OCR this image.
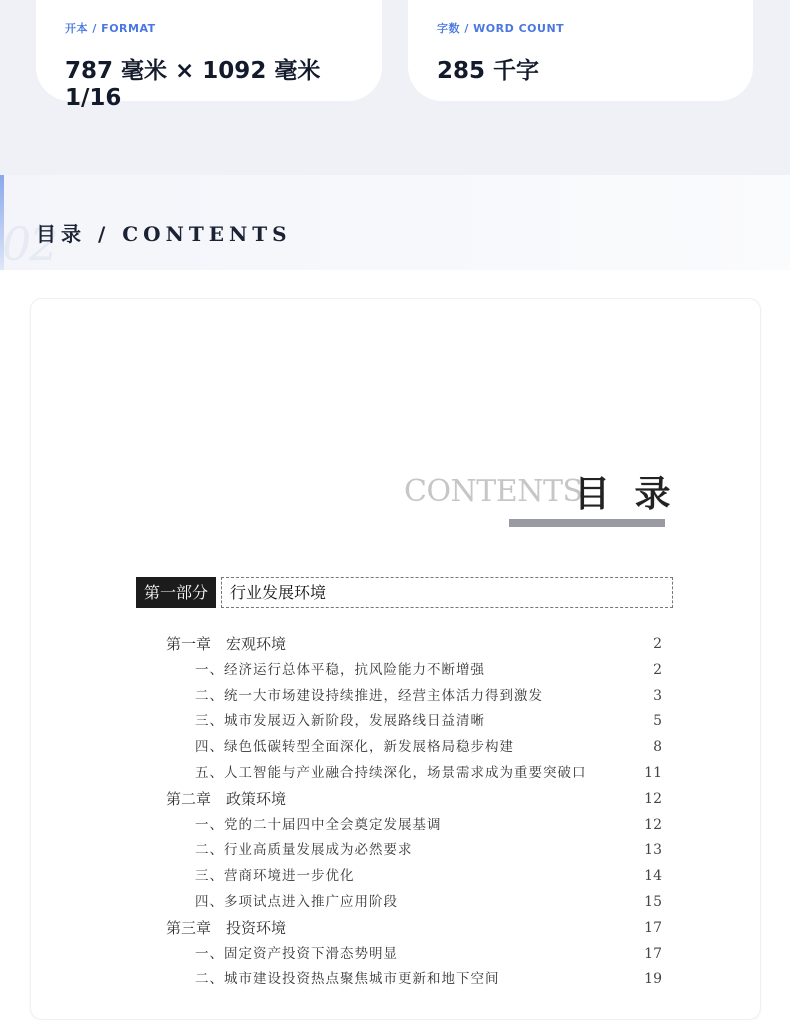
开本 / FORMAT
787 毫米 × 1092 毫米 1/16
字数 / WORD COUNT
285 千字
02
目录 / CONTENTS
CONTENTS
目 录
第一部分	行业发展环境
第一章　宏观环境	2
一、经济运行总体平稳，抗风险能力不断增强	2
二、统一大市场建设持续推进，经营主体活力得到激发	3
三、城市发展迈入新阶段，发展路线日益清晰	5
四、绿色低碳转型全面深化，新发展格局稳步构建	8
五、人工智能与产业融合持续深化，场景需求成为重要突破口	11
第二章　政策环境	12
一、党的二十届四中全会奠定发展基调	12
二、行业高质量发展成为必然要求	13
三、营商环境进一步优化	14
四、多项试点进入推广应用阶段	15
第三章　投资环境	17
一、固定资产投资下滑态势明显	17
二、城市建设投资热点聚焦城市更新和地下空间	19
